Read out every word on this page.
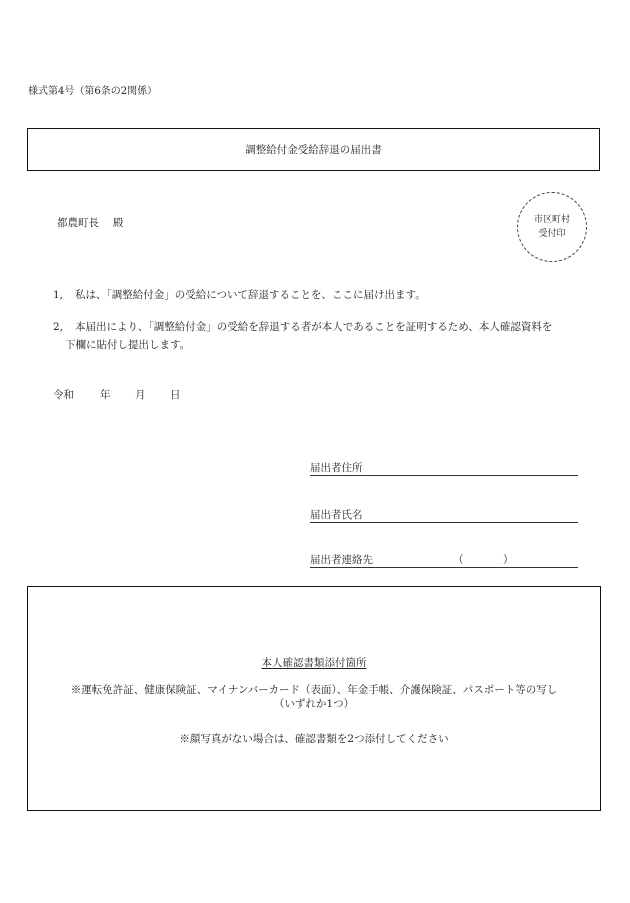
様式第4号（第6条の2関係）
調整給付金受給辞退の届出書
都農町長 殿	市区町村
受付印
1, 私は、「調整給付金」の受給について辞退することを、ここに届け出ます。
2, 本届出により、「調整給付金」の受給を辞退する者が本人であることを証明するため、本人確認資料を
下欄に貼付し提出します。
令和 年 月 日
届出者住所
届出者氏名
届出者連絡先	（	）
本人確認書類添付箇所
※運転免許証、健康保険証、マイナンバーカード（表面）、年金手帳、介護保険証、パスポート等の写し
（いずれか1つ）
※顔写真がない場合は、確認書類を2つ添付してください
